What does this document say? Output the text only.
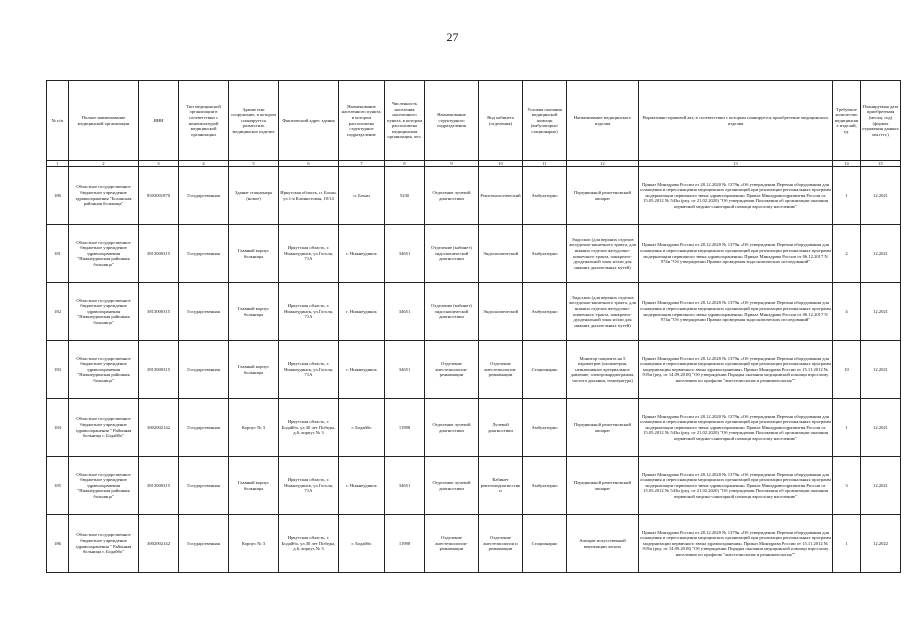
27
№ п/п	Полное наименование медицинской организации	ИНН	Тип медицинской организации в соответствии с номенклатурой медицинской организации	Здание или сооружение, в котором планируется разместить медицинское изделие	Фактический адрес здания	Наименование населенного пункта, в котором расположена структурное подразделение	Численность населения населенного пункта, в котором расположена медицинская организация, чел.	Наименование структурного подразделения	Вид кабинета (отделения)	Условия оказания медицинской помощи (амбулаторно/ стационарно)	Наименование медицинского изделия	Нормативно-правовой акт, в соответствии с которым планируется приобретение медицинского изделия	Требуемое количество медицинских изделий, ед.	Планируемая дата приобретения (месяц, год) (формат отражения данных мм.гггг.)
1	2	3	4	5	6	7	8	9	10	11	12	13	14	15
180	Областное государственное бюджетное учреждение здравоохранения "Боханская районная больница"	8503001870	Государственная	Здание стационара (новое)	Иркутская область, п. Бохан, ул.1-я Клинистовая, 18/14	п. Бохан	5230	Отделение лучевой диагностики	Рентгенологический	Амбулаторно	Передвижной рентгеновский аппарат	Приказ Минздрава России от 28.12.2020 № 1379н «Об утверждении Перечня оборудования для оснащения и переоснащения медицинских организаций при реализации региональных программ модернизации первичного звена здравоохранения» Приказ Минздравсоцразвития России от 15.05.2012 № 543н (ред. от 21.02.2020) "Об утверждении Положения об организации оказания первичной медико-санитарной помощи взрослому населению"	1	12.2021
181	Областное государственное бюджетное учреждение здравоохранения "Нижнеудинская районная больница"	3813000315	Государственная	Главный корпус больницы	Иркутская область, г. Нижнеудинск, ул.Гоголя, 71А	г. Нижнеудинск	34651	Отделение (кабинет) эндоскопической диагностики	Эндоскопический	Амбулаторно	Эндоскоп (для верхних отделов желудочно-кишечного тракта, для нижних отделов желудочно-кишечного тракта, панкреато-дуоденальной зоны и/или для нижних дыхательных путей)	Приказ Минздрава России от 28.12.2020 № 1379н «Об утверждении Перечня оборудования для оснащения и переоснащения медицинских организаций при реализации региональных программ модернизации первичного звена здравоохранения» Приказ Минздрава России от 06.12.2017 N 974н "Об утверждении Правил проведения эндоскопических исследований"	2	12.2021
182	Областное государственное бюджетное учреждение здравоохранения "Нижнеудинская районная больница"	3813000315	Государственная	Главный корпус больницы	Иркутская область, г. Нижнеудинск, ул.Гоголя, 71А	г. Нижнеудинск	34651	Отделение (кабинет) эндоскопической диагностики	Эндоскопический	Амбулаторно	Эндоскоп (для верхних отделов желудочно-кишечного тракта, для нижних отделов желудочно-кишечного тракта, панкреато-дуоденальной зоны и/или для нижних дыхательных путей)	Приказ Минздрава России от 28.12.2020 № 1379н «Об утверждении Перечня оборудования для оснащения и переоснащения медицинских организаций при реализации региональных программ модернизации первичного звена здравоохранения» Приказ Минздрава России от 06.12.2017 N 974н "Об утверждении Правил проведения эндоскопических исследований"	4	12.2021
183	Областное государственное бюджетное учреждение здравоохранения "Нижнеудинская районная больница"	3813000315	Государственная	Главный корпус больницы	Иркутская область, г. Нижнеудинск, ул.Гоголя, 71А	г. Нижнеудинск	34651	Отделение анестезиологии-реанимации	Отделение анестезиологии-реанимации	Стационарно	Монитор пациента на 5 параметров (оксиметрия, неинвазивное артериальное давление, электрокардиограмма, частота дыхания, температура)	Приказ Минздрава России от 28.12.2020 № 1379н «Об утверждении Перечня оборудования для оснащения и переоснащения медицинских организаций при реализации региональных программ модернизации первичного звена здравоохранения» Приказ Минздрава России от 15.11.2012 № 919н (ред. от 14.09.2018) "Об утверждении Порядка оказания медицинской помощи взрослому населению по профилю "анестезиология и реаниматология""	10	12.2021
184	Областное государственное бюджетное учреждение здравоохранения " Районная больница г. Бодайбо"	3802002142	Государственная	Корпус № 3	Иркутская область, г. Бодайбо, ул.30 лет Победы, д.6, корпус № 3	г. Бодайбо	11988	Отделение лучевой диагностики	Лучевой диагностики	Амбулаторно	Передвижной рентгеновский аппарат	Приказ Минздрава России от 28.12.2020 № 1379н «Об утверждении Перечня оборудования для оснащения и переоснащения медицинских организаций при реализации региональных программ модернизации первичного звена здравоохранения» Приказ Минздравсоцразвития России от 15.05.2012 № 543н (ред. от 21.02.2020) "Об утверждении Положения об организации оказания первичной медико-санитарной помощи взрослому населению"	1	12.2021
185	Областное государственное бюджетное учреждение здравоохранения "Нижнеудинская районная больница"	3813000315	Государственная	Главный корпус больницы	Иркутская область, г. Нижнеудинск, ул.Гоголя, 71А	г. Нижнеудинск	34651	Отделение лучевой диагностики	Кабинет рентгенодиагностики	Амбулаторно	Передвижной рентгеновский аппарат	Приказ Минздрава России от 28.12.2020 № 1379н «Об утверждении Перечня оборудования для оснащения и переоснащения медицинских организаций при реализации региональных программ модернизации первичного звена здравоохранения» Приказ Минздравсоцразвития России от 15.05.2012 № 543н (ред. от 21.02.2020) "Об утверждении Положения об организации оказания первичной медико-санитарной помощи взрослому населению"	3	12.2021
186	Областное государственное бюджетное учреждение здравоохранения " Районная больница г. Бодайбо"	3802002142	Государственная	Корпус № 3	Иркутская область, г. Бодайбо, ул.30 лет Победы, д.6, корпус № 3	г. Бодайбо	11988	Отделение анестезиологии-реанимации	Отделение анестезиологии и реанимации	Стационарно	Аппарат искусственной вентиляции легких	Приказ Минздрава России от 28.12.2020 № 1379н «Об утверждении Перечня оборудования для оснащения и переоснащения медицинских организаций при реализации региональных программ модернизации первичного звена здравоохранения» Приказ Минздрава России от 15.11.2012 № 919н (ред. от 14.09.2018) "Об утверждении Порядка оказания медицинской помощи взрослому населению по профилю "анестезиология и реаниматология""	1	12.2022
